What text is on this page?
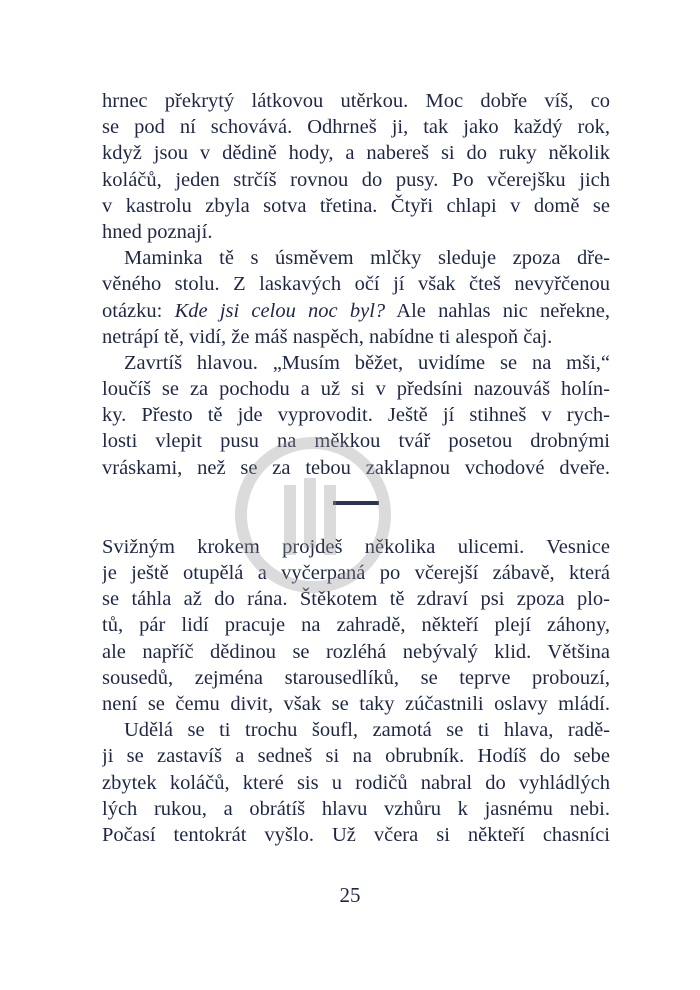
hrnec překrytý látkovou utěrkou. Moc dobře víš, co
se pod ní schovává. Odhrneš ji, tak jako každý rok,
když jsou v dědině hody, a nabereš si do ruky několik
koláčů, jeden strčíš rovnou do pusy. Po včerejšku jich
v kastrolu zbyla sotva třetina. Čtyři chlapi v domě se
hned poznají.
Maminka tě s úsměvem mlčky sleduje zpoza dře-
věného stolu. Z laskavých očí jí však čteš nevyřčenou
otázku: Kde jsi celou noc byl? Ale nahlas nic neřekne,
netrápí tě, vidí, že máš naspěch, nabídne ti alespoň čaj.
Zavrtíš hlavou. „Musím běžet, uvidíme se na mši,“
loučíš se za pochodu a už si v předsíni nazouváš holín-
ky. Přesto tě jde vyprovodit. Ještě jí stihneš v rych-
losti vlepit pusu na měkkou tvář posetou drobnými
vráskami, než se za tebou zaklapnou vchodové dveře.
Svižným krokem projdeš několika ulicemi. Vesnice
je ještě otupělá a vyčerpaná po včerejší zábavě, která
se táhla až do rána. Štěkotem tě zdraví psi zpoza plo-
tů, pár lidí pracuje na zahradě, někteří plejí záhony,
ale napříč dědinou se rozléhá nebývalý klid. Většina
sousedů, zejména starousedlíků, se teprve probouzí,
není se čemu divit, však se taky zúčastnili oslavy mládí.
Udělá se ti trochu šoufl, zamotá se ti hlava, radě-
ji se zastavíš a sedneš si na obrubník. Hodíš do sebe
zbytek koláčů, které sis u rodičů nabral do vyhládlých
lých rukou, a obrátíš hlavu vzhůru k jasnému nebi.
Počasí tentokrát vyšlo. Už včera si někteří chasníci
25
